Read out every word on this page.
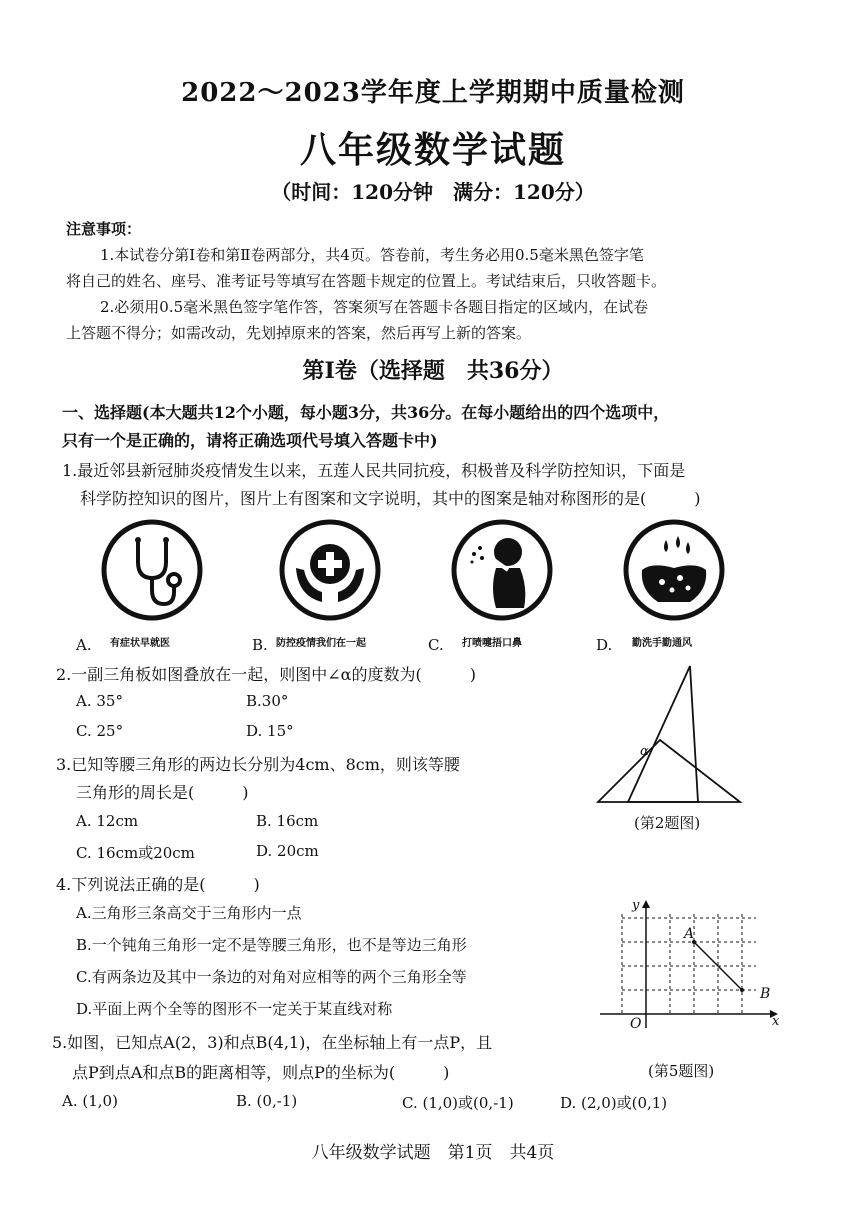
2022～2023学年度上学期期中质量检测
八年级数学试题
（时间：120分钟　满分：120分）
注意事项：
1.本试卷分第Ⅰ卷和第Ⅱ卷两部分，共4页。答卷前，考生务必用0.5毫米黑色签字笔
将自己的姓名、座号、准考证号等填写在答题卡规定的位置上。考试结束后，只收答题卡。
2.必须用0.5毫米黑色签字笔作答，答案须写在答题卡各题目指定的区域内，在试卷
上答题不得分；如需改动，先划掉原来的答案，然后再写上新的答案。
第Ⅰ卷（选择题　共36分）
一、选择题(本大题共12个小题，每小题3分，共36分。在每小题给出的四个选项中，
只有一个是正确的，请将正确选项代号填入答题卡中)
1.最近邻县新冠肺炎疫情发生以来，五莲人民共同抗疫，积极普及科学防控知识，下面是
科学防控知识的图片，图片上有图案和文字说明，其中的图案是轴对称图形的是(　　　)
A. 有症状早就医	B. 防控疫情我们在一起	C. 打喷嚏捂口鼻	D. 勤洗手勤通风
2.一副三角板如图叠放在一起，则图中∠α的度数为(　　　)
A. 35°	B.30°
C. 25°	D. 15°
α
(第2题图)
3.已知等腰三角形的两边长分别为4cm、8cm，则该等腰
三角形的周长是(　　　)
A. 12cm	B. 16cm
C. 16cm或20cm	D. 20cm
4.下列说法正确的是(　　　)
A.三角形三条高交于三角形内一点
B.一个钝角三角形一定不是等腰三角形，也不是等边三角形
C.有两条边及其中一条边的对角对应相等的两个三角形全等
D.平面上两个全等的图形不一定关于某直线对称
5.如图，已知点A(2，3)和点B(4,1)，在坐标轴上有一点P，且
点P到点A和点B的距离相等，则点P的坐标为(　　　)
A. (1,0)	B. (0,-1)	C. (1,0)或(0,-1)	D. (2,0)或(0,1)
y
x
O
A
B
(第5题图)
八年级数学试题　第1页　共4页
